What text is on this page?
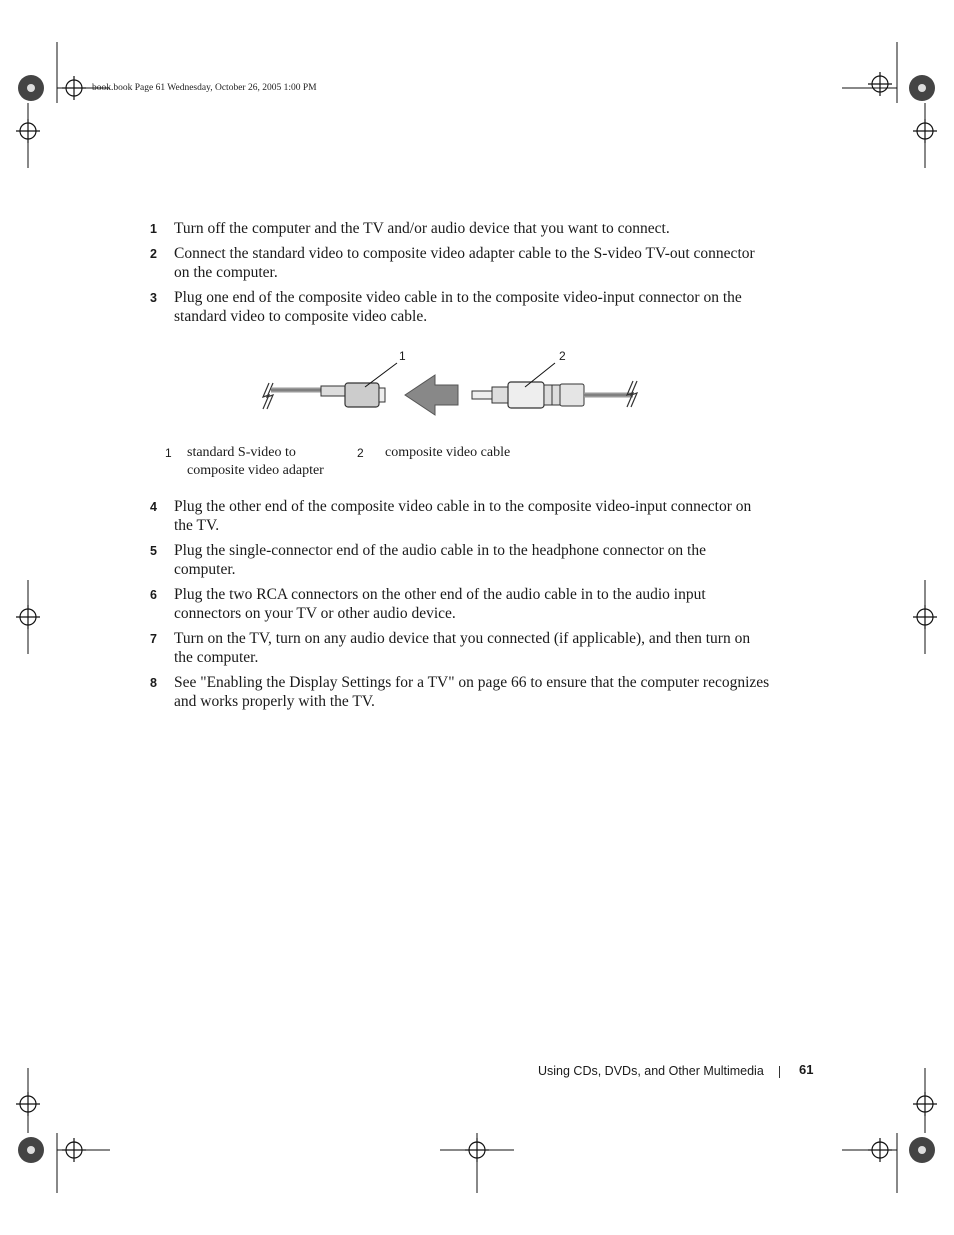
book.book Page 61 Wednesday, October 26, 2005 1:00 PM
1	Turn off the computer and the TV and/or audio device that you want to connect.
2	Connect the standard video to composite video adapter cable to the S-video TV-out connector on the computer.
3	Plug one end of the composite video cable in to the composite video-input connector on the standard video to composite video cable.
1	2
1 standard S-video to composite video adapter
2 composite video cable
4	Plug the other end of the composite video cable in to the composite video-input connector on the TV.
5	Plug the single-connector end of the audio cable in to the headphone connector on the computer.
6	Plug the two RCA connectors on the other end of the audio cable in to the audio input connectors on your TV or other audio device.
7	Turn on the TV, turn on any audio device that you connected (if applicable), and then turn on the computer.
8	See "Enabling the Display Settings for a TV" on page 66 to ensure that the computer recognizes and works properly with the TV.
Using CDs, DVDs, and Other Multimedia	61
